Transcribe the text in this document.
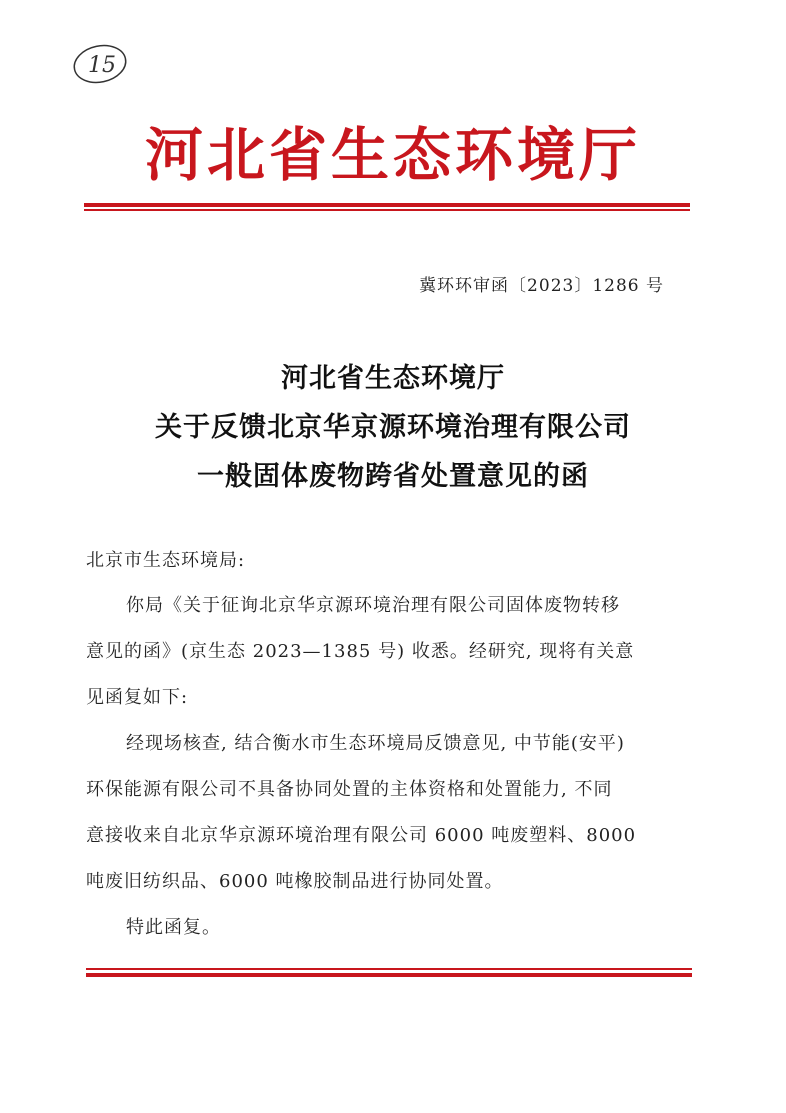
15
河北省生态环境厅
冀环环审函〔2023〕1286 号
河北省生态环境厅
关于反馈北京华京源环境治理有限公司
一般固体废物跨省处置意见的函
北京市生态环境局:
你局《关于征询北京华京源环境治理有限公司固体废物转移
意见的函》(京生态 2023—1385 号) 收悉。经研究, 现将有关意
见函复如下:
经现场核查, 结合衡水市生态环境局反馈意见, 中节能(安平)
环保能源有限公司不具备协同处置的主体资格和处置能力, 不同
意接收来自北京华京源环境治理有限公司 6000 吨废塑料、8000
吨废旧纺织品、6000 吨橡胶制品进行协同处置。
特此函复。
